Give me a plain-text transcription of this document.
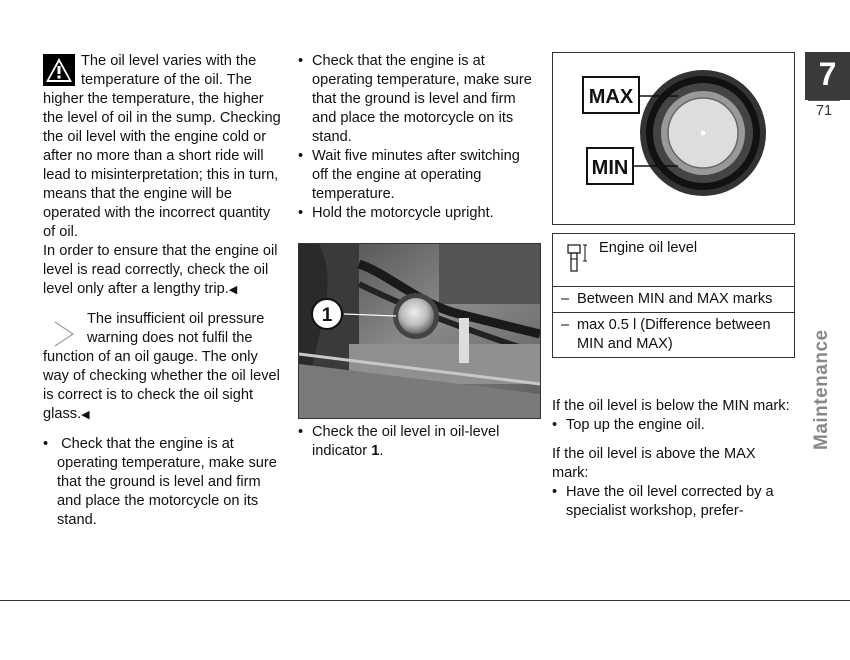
The oil level varies with the temperature of the oil. The higher the temperature, the higher the level of oil in the sump. Checking the oil level with the engine cold or after no more than a short ride will lead to misinterpretation; this in turn, means that the engine will be operated with the incorrect quantity of oil.

In order to ensure that the engine oil level is read correctly, check the oil level only after a lengthy trip.◀

The insufficient oil pressure warning does not fulfil the function of an oil gauge. The only way of checking whether the oil level is correct is to check the oil sight glass.◀

• Check that the engine is at operating temperature, make sure that the ground is level and firm and place the motorcycle on its stand.

• Check that the engine is at operating temperature, make sure that the ground is level and firm and place the motorcycle on its stand.

• Wait five minutes after switching off the engine at operating temperature.

• Hold the motorcycle upright.

1

• Check the oil level in oil-level indicator 1.

MAX
MIN
Engine oil level
– Between MIN and MAX marks
– max 0.5 l (Difference between MIN and MAX)

If the oil level is below the MIN mark:

• Top up the engine oil.

If the oil level is above the MAX mark:

• Have the oil level corrected by a specialist workshop, prefer-

7
71
Maintenance
